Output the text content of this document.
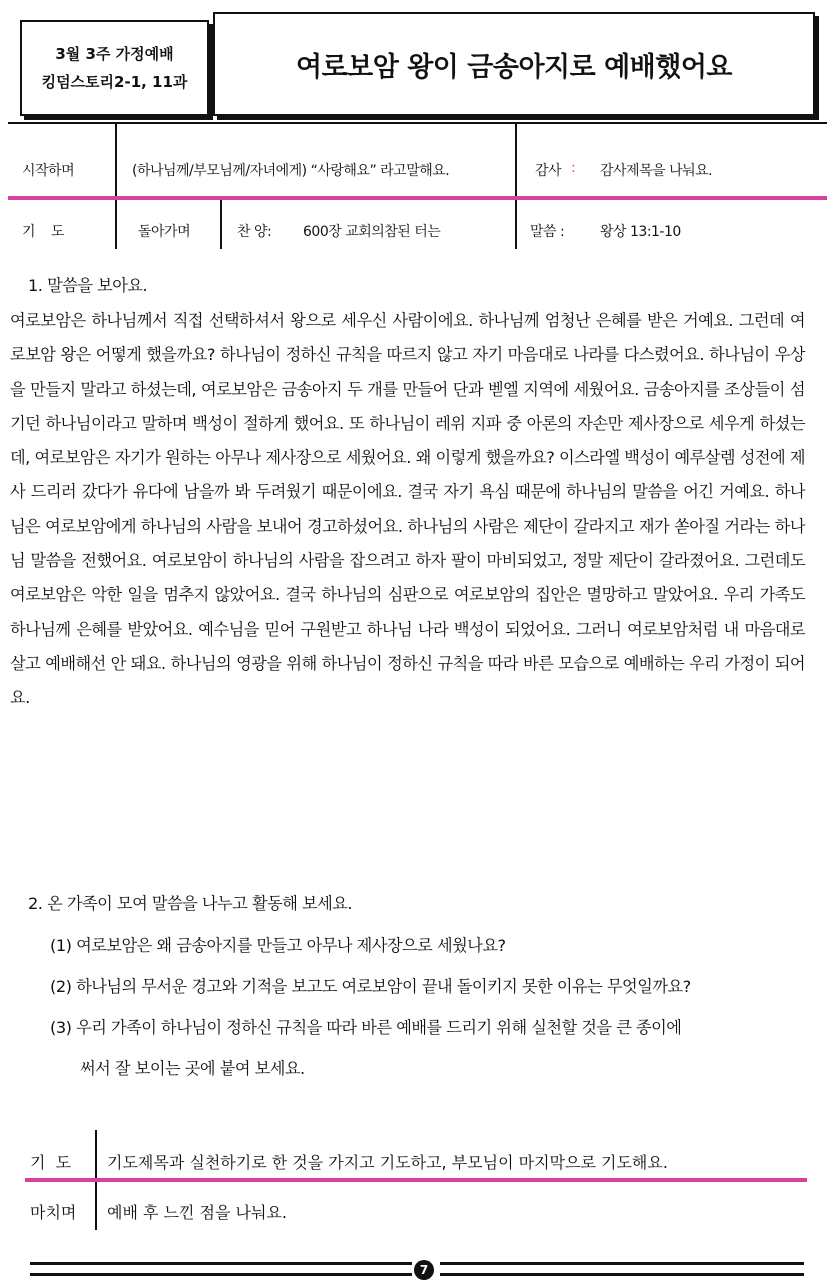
3월 3주 가정예배
킹덤스토리2-1, 11과	여로보암 왕이 금송아지로 예배했어요
시작하며	(하나님께/부모님께/자녀에게) “사랑해요” 라고말해요.	감사 : 감사제목을 나눠요.
기    도	돌아가며	찬 양: 600장 교회의참된 터는	말씀 :	왕상 13:1-10
1. 말씀을 보아요.

여로보암은 하나님께서 직접 선택하셔서 왕으로 세우신 사람이에요. 하나님께 엄청난 은혜를 받은 거예요. 그런데 여로보암 왕은 어떻게 했을까요? 하나님이 정하신 규칙을 따르지 않고 자기 마음대로 나라를 다스렸어요. 하나님이 우상을 만들지 말라고 하셨는데, 여로보암은 금송아지 두 개를 만들어 단과 벧엘 지역에 세웠어요. 금송아지를 조상들이 섬기던 하나님이라고 말하며 백성이 절하게 했어요. 또 하나님이 레위 지파 중 아론의 자손만 제사장으로 세우게 하셨는데, 여로보암은 자기가 원하는 아무나 제사장으로 세웠어요. 왜 이렇게 했을까요? 이스라엘 백성이 예루살렘 성전에 제사 드리러 갔다가 유다에 남을까 봐 두려웠기 때문이에요. 결국 자기 욕심 때문에 하나님의 말씀을 어긴 거예요. 하나님은 여로보암에게 하나님의 사람을 보내어 경고하셨어요. 하나님의 사람은 제단이 갈라지고 재가 쏟아질 거라는 하나님 말씀을 전했어요. 여로보암이 하나님의 사람을 잡으려고 하자 팔이 마비되었고, 정말 제단이 갈라졌어요. 그런데도 여로보암은 악한 일을 멈추지 않았어요. 결국 하나님의 심판으로 여로보암의 집안은 멸망하고 말았어요. 우리 가족도 하나님께 은혜를 받았어요. 예수님을 믿어 구원받고 하나님 나라 백성이 되었어요. 그러니 여로보암처럼 내 마음대로 살고 예배해선 안 돼요. 하나님의 영광을 위해 하나님이 정하신 규칙을 따라 바른 모습으로 예배하는 우리 가정이 되어요.

2. 온 가족이 모여 말씀을 나누고 활동해 보세요.
(1) 여로보암은 왜 금송아지를 만들고 아무나 제사장으로 세웠나요?
(2) 하나님의 무서운 경고와 기적을 보고도 여로보암이 끝내 돌이키지 못한 이유는 무엇일까요?
(3) 우리 가족이 하나님이 정하신 규칙을 따라 바른 예배를 드리기 위해 실천할 것을 큰 종이에
써서 잘 보이는 곳에 붙여 보세요.
기  도 기도제목과 실천하기로 한 것을 가지고 기도하고, 부모님이 마지막으로 기도해요.
마치며 예배 후 느낀 점을 나눠요.
7
